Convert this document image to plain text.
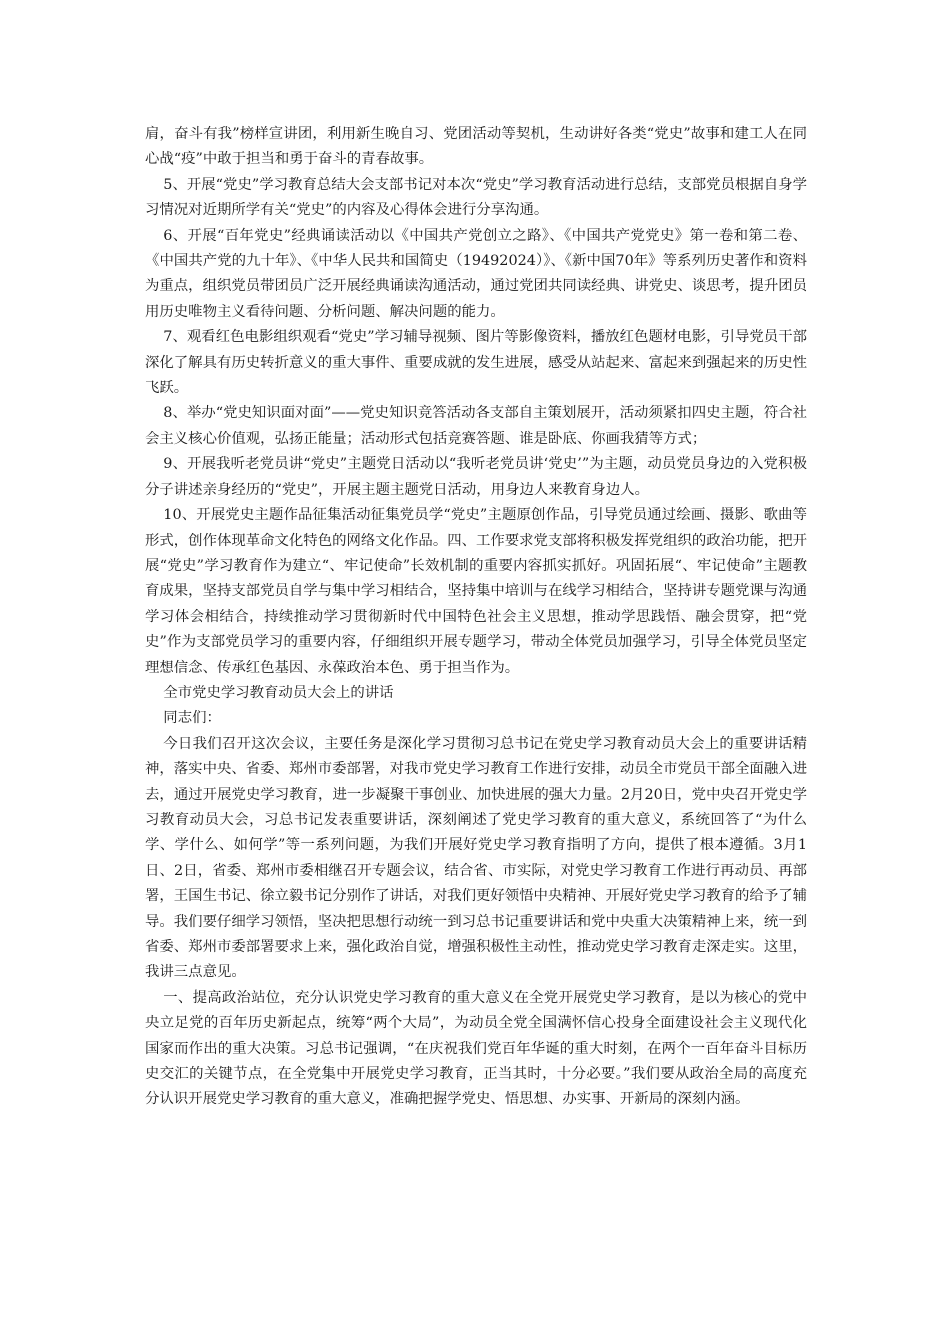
肩，奋斗有我”榜样宣讲团，利用新生晚自习、党团活动等契机，生动讲好各类“党史”故事和建工人在同心战“疫”中敢于担当和勇于奋斗的青春故事。

5、开展“党史”学习教育总结大会支部书记对本次“党史”学习教育活动进行总结，支部党员根据自身学习情况对近期所学有关“党史”的内容及心得体会进行分享沟通。

6、开展“百年党史”经典诵读活动以《中国共产党创立之路》、《中国共产党党史》第一卷和第二卷、《中国共产党的九十年》、《中华人民共和国简史（19492024）》、《新中国70年》等系列历史著作和资料为重点，组织党员带团员广泛开展经典诵读沟通活动，通过党团共同读经典、讲党史、谈思考，提升团员用历史唯物主义看待问题、分析问题、解决问题的能力。

7、观看红色电影组织观看“党史”学习辅导视频、图片等影像资料，播放红色题材电影，引导党员干部深化了解具有历史转折意义的重大事件、重要成就的发生进展，感受从站起来、富起来到强起来的历史性飞跃。

8、举办“党史知识面对面”——党史知识竞答活动各支部自主策划展开，活动须紧扣四史主题，符合社会主义核心价值观，弘扬正能量；活动形式包括竞赛答题、谁是卧底、你画我猜等方式；

9、开展我听老党员讲“党史”主题党日活动以“我听老党员讲‘党史’”为主题，动员党员身边的入党积极分子讲述亲身经历的“党史”，开展主题主题党日活动，用身边人来教育身边人。

10、开展党史主题作品征集活动征集党员学“党史”主题原创作品，引导党员通过绘画、摄影、歌曲等形式，创作体现革命文化特色的网络文化作品。四、工作要求党支部将积极发挥党组织的政治功能，把开展“党史”学习教育作为建立“、牢记使命”长效机制的重要内容抓实抓好。巩固拓展“、牢记使命”主题教育成果，坚持支部党员自学与集中学习相结合，坚持集中培训与在线学习相结合，坚持讲专题党课与沟通学习体会相结合，持续推动学习贯彻新时代中国特色社会主义思想，推动学思践悟、融会贯穿，把“党史”作为支部党员学习的重要内容，仔细组织开展专题学习，带动全体党员加强学习，引导全体党员坚定理想信念、传承红色基因、永葆政治本色、勇于担当作为。

全市党史学习教育动员大会上的讲话

同志们：

今日我们召开这次会议，主要任务是深化学习贯彻习总书记在党史学习教育动员大会上的重要讲话精神，落实中央、省委、郑州市委部署，对我市党史学习教育工作进行安排，动员全市党员干部全面融入进去，通过开展党史学习教育，进一步凝聚干事创业、加快进展的强大力量。2月20日，党中央召开党史学习教育动员大会，习总书记发表重要讲话，深刻阐述了党史学习教育的重大意义，系统回答了“为什么学、学什么、如何学”等一系列问题，为我们开展好党史学习教育指明了方向，提供了根本遵循。3月1日、2日，省委、郑州市委相继召开专题会议，结合省、市实际，对党史学习教育工作进行再动员、再部署，王国生书记、徐立毅书记分别作了讲话，对我们更好领悟中央精神、开展好党史学习教育的给予了辅导。我们要仔细学习领悟，坚决把思想行动统一到习总书记重要讲话和党中央重大决策精神上来，统一到省委、郑州市委部署要求上来，强化政治自觉，增强积极性主动性，推动党史学习教育走深走实。这里，我讲三点意见。

一、提高政治站位，充分认识党史学习教育的重大意义在全党开展党史学习教育，是以为核心的党中央立足党的百年历史新起点，统筹“两个大局”，为动员全党全国满怀信心投身全面建设社会主义现代化国家而作出的重大决策。习总书记强调，“在庆祝我们党百年华诞的重大时刻，在两个一百年奋斗目标历史交汇的关键节点，在全党集中开展党史学习教育，正当其时，十分必要。”我们要从政治全局的高度充分认识开展党史学习教育的重大意义，准确把握学党史、悟思想、办实事、开新局的深刻内涵。
